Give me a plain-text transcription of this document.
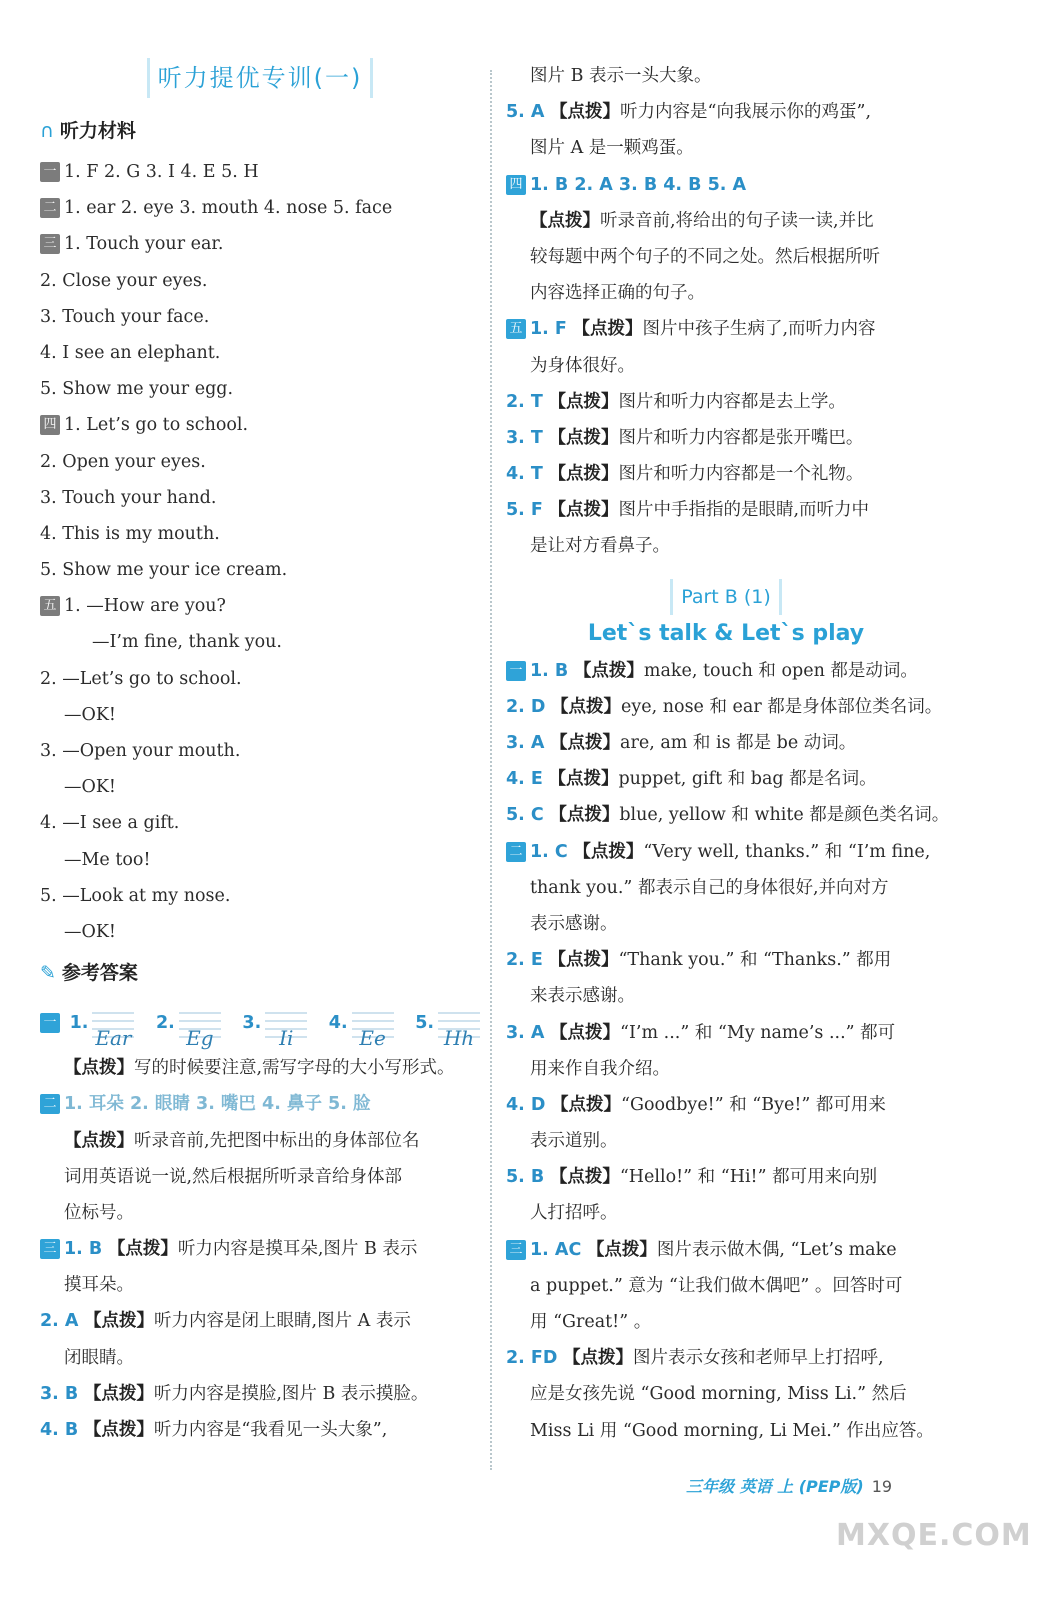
听力提优专训(一)
∩ 听力材料
一 1. F 2. G 3. I 4. E 5. H
二 1. ear 2. eye 3. mouth 4. nose 5. face
三 1. Touch your ear.
2. Close your eyes.
3. Touch your face.
4. I see an elephant.
5. Show me your egg.
四 1. Let’s go to school.
2. Open your eyes.
3. Touch your hand.
4. This is my mouth.
5. Show me your ice cream.
五 1. —How are you?
—I’m fine, thank you.
2. —Let’s go to school.
—OK!
3. —Open your mouth.
—OK!
4. —I see a gift.
—Me too!
5. —Look at my nose.
—OK!
✎ 参考答案
一 1.
Ear
2.
Eg
3.
Ii
4.
Ee
5.
Hh
【 点拨 】 写的时候要注意,需写字母的大小写形式。
二 1. 耳朵 2. 眼睛 3. 嘴巴 4. 鼻子 5. 脸
【 点拨 】 听录音前,先把图中标出的身体部位名
词用英语说一说,然后根据所听录音给身体部
位标号。
三 1. B 【 点拨 】 听力内容是摸耳朵,图片 B 表示
摸耳朵。
2. A 【 点拨 】 听力内容是闭上眼睛,图片 A 表示
闭眼睛。
3. B 【 点拨 】 听力内容是摸脸,图片 B 表示摸脸。
4. B 【 点拨 】 听力内容是“我看见一头大象”,
图片 B 表示一头大象。
5. A 【 点拨 】 听力内容是“向我展示你的鸡蛋”,
图片 A 是一颗鸡蛋。
四 1. B 2. A 3. B 4. B 5. A
【 点拨 】 听录音前,将给出的句子读一读,并比
较每题中两个句子的不同之处。然后根据所听
内容选择正确的句子。
五 1. F 【 点拨 】 图片中孩子生病了,而听力内容
为身体很好。
2. T 【 点拨 】 图片和听力内容都是去上学。
3. T 【 点拨 】 图片和听力内容都是张开嘴巴。
4. T 【 点拨 】 图片和听力内容都是一个礼物。
5. F 【 点拨 】 图片中手指指的是眼睛,而听力中
是让对方看鼻子。
Part B (1)
Let`s talk & Let`s play
一 1. B 【 点拨 】 make, touch 和 open 都是动词。
2. D 【 点拨 】 eye, nose 和 ear 都是身体部位类名词。
3. A 【 点拨 】 are, am 和 is 都是 be 动词。
4. E 【 点拨 】 puppet, gift 和 bag 都是名词。
5. C 【 点拨 】 blue, yellow 和 white 都是颜色类名词。
二 1. C 【 点拨 】 “Very well, thanks.” 和 “I’m fine,
thank you.” 都表示自己的身体很好,并向对方
表示感谢。
2. E 【 点拨 】 “Thank you.” 和 “Thanks.” 都用
来表示感谢。
3. A 【 点拨 】 “I’m ...” 和 “My name’s ...” 都可
用来作自我介绍。
4. D 【 点拨 】 “Goodbye!” 和 “Bye!” 都可用来
表示道别。
5. B 【 点拨 】 “Hello!” 和 “Hi!” 都可用来向别
人打招呼。
三 1. AC 【 点拨 】 图片表示做木偶, “Let’s make
a puppet.” 意为 “让我们做木偶吧” 。回答时可
用 “Great!” 。
2. FD 【 点拨 】 图片表示女孩和老师早上打招呼,
应是女孩先说 “Good morning, Miss Li.” 然后
Miss Li 用 “Good morning, Li Mei.” 作出应答。
三年级 英语 上 (PEP版) 19
MXQE.COM
